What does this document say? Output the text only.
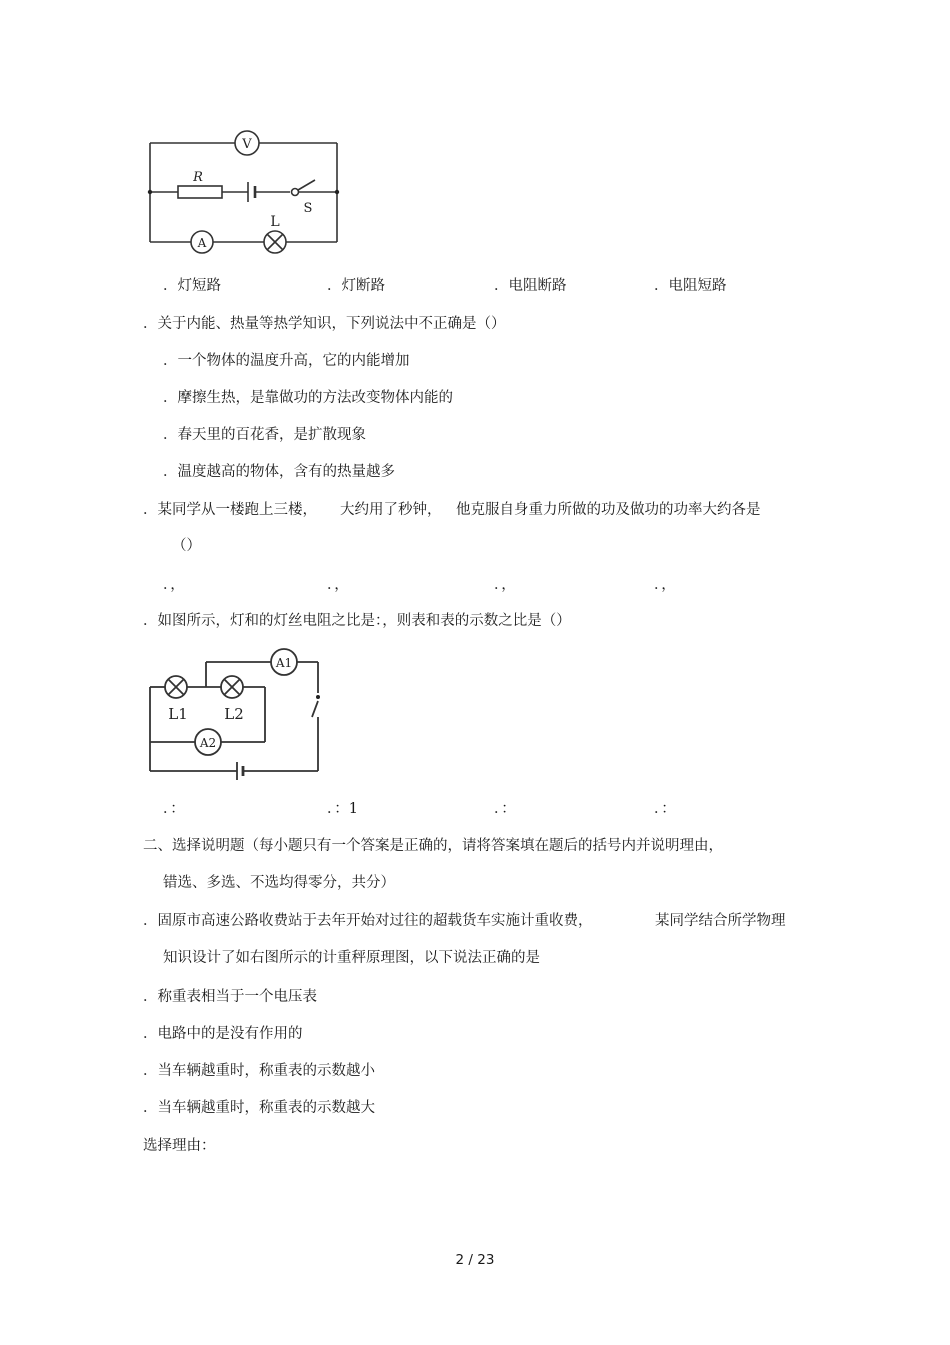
V
R
S
L
A
．灯短路	．灯断路	．电阻断路	．电阻短路
．关于内能、热量等热学知识，下列说法中不正确是（）
．一个物体的温度升高，它的内能增加
．摩擦生热，是靠做功的方法改变物体内能的
．春天里的百花香，是扩散现象
．温度越高的物体，含有的热量越多
．某同学从一楼跑上三楼， 大约用了秒钟， 他克服自身重力所做的功及做功的功率大约各是
（）
．，	．，	．，	．，
．如图所示，灯和的灯丝电阻之比是：，则表和表的示数之比是（）
A1
A2
L1 L2
．：	．：1	．：	．：
二、选择说明题（每小题只有一个答案是正确的，请将答案填在题后的括号内并说明理由，
错选、多选、不选均得零分，共分）
．固原市高速公路收费站于去年开始对过往的超载货车实施计重收费，	某同学结合所学物理
知识设计了如右图所示的计重秤原理图，以下说法正确的是
．称重表相当于一个电压表
．电路中的是没有作用的
．当车辆越重时，称重表的示数越小
．当车辆越重时，称重表的示数越大
选择理由：
2 / 23
